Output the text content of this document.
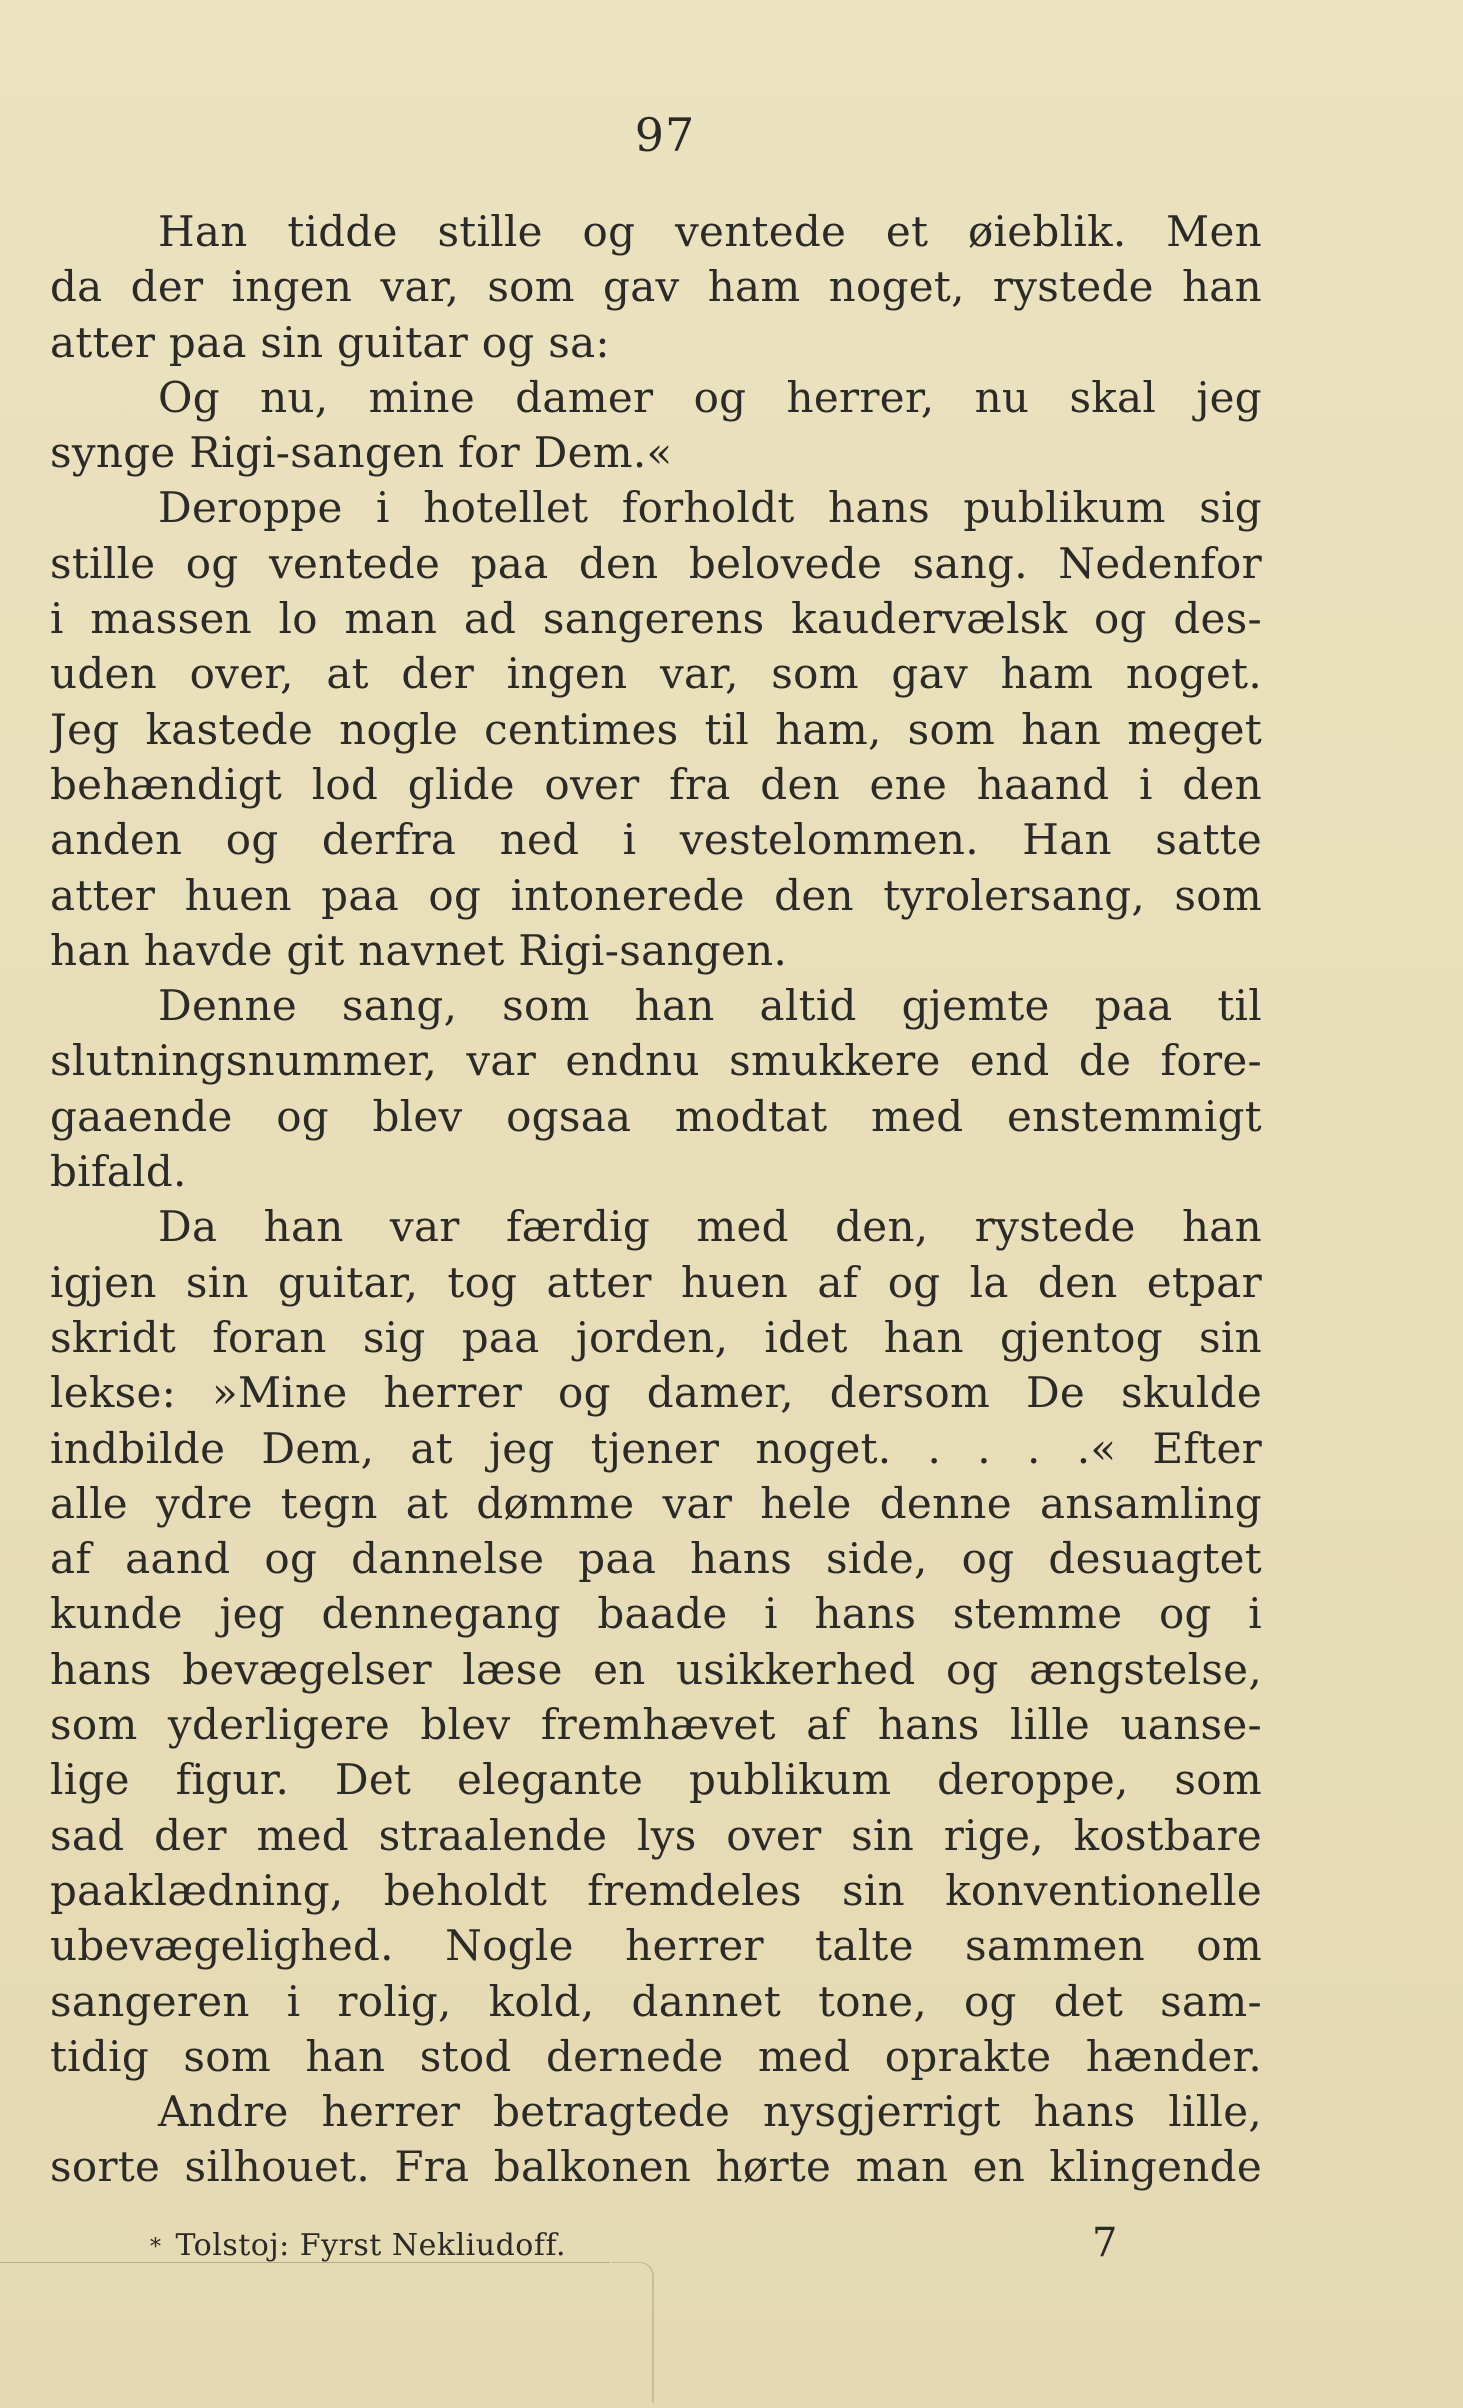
97
Han tidde stille og ventede et øieblik. Men
da der ingen var, som gav ham noget, rystede han
atter paa sin guitar og sa:
Og nu, mine damer og herrer, nu skal jeg
synge Rigi-sangen for Dem.«
Deroppe i hotellet forholdt hans publikum sig
stille og ventede paa den belovede sang. Nedenfor
i massen lo man ad sangerens kaudervælsk og des-
uden over, at der ingen var, som gav ham noget.
Jeg kastede nogle centimes til ham, som han meget
behændigt lod glide over fra den ene haand i den
anden og derfra ned i vestelommen. Han satte
atter huen paa og intonerede den tyrolersang, som
han havde git navnet Rigi-sangen.
Denne sang, som han altid gjemte paa til
slutningsnummer, var endnu smukkere end de fore-
gaaende og blev ogsaa modtat med enstemmigt
bifald.
Da han var færdig med den, rystede han
igjen sin guitar, tog atter huen af og la den etpar
skridt foran sig paa jorden, idet han gjentog sin
lekse: »Mine herrer og damer, dersom De skulde
indbilde Dem, at jeg tjener noget. . . . .« Efter
alle ydre tegn at dømme var hele denne ansamling
af aand og dannelse paa hans side, og desuagtet
kunde jeg dennegang baade i hans stemme og i
hans bevægelser læse en usikkerhed og ængstelse,
som yderligere blev fremhævet af hans lille uanse-
lige figur. Det elegante publikum deroppe, som
sad der med straalende lys over sin rige, kostbare
paaklædning, beholdt fremdeles sin konventionelle
ubevægelighed. Nogle herrer talte sammen om
sangeren i rolig, kold, dannet tone, og det sam-
tidig som han stod dernede med oprakte hænder.
Andre herrer betragtede nysgjerrigt hans lille,
sorte silhouet. Fra balkonen hørte man en klingende
* Tolstoj: Fyrst Nekliudoff.	7
